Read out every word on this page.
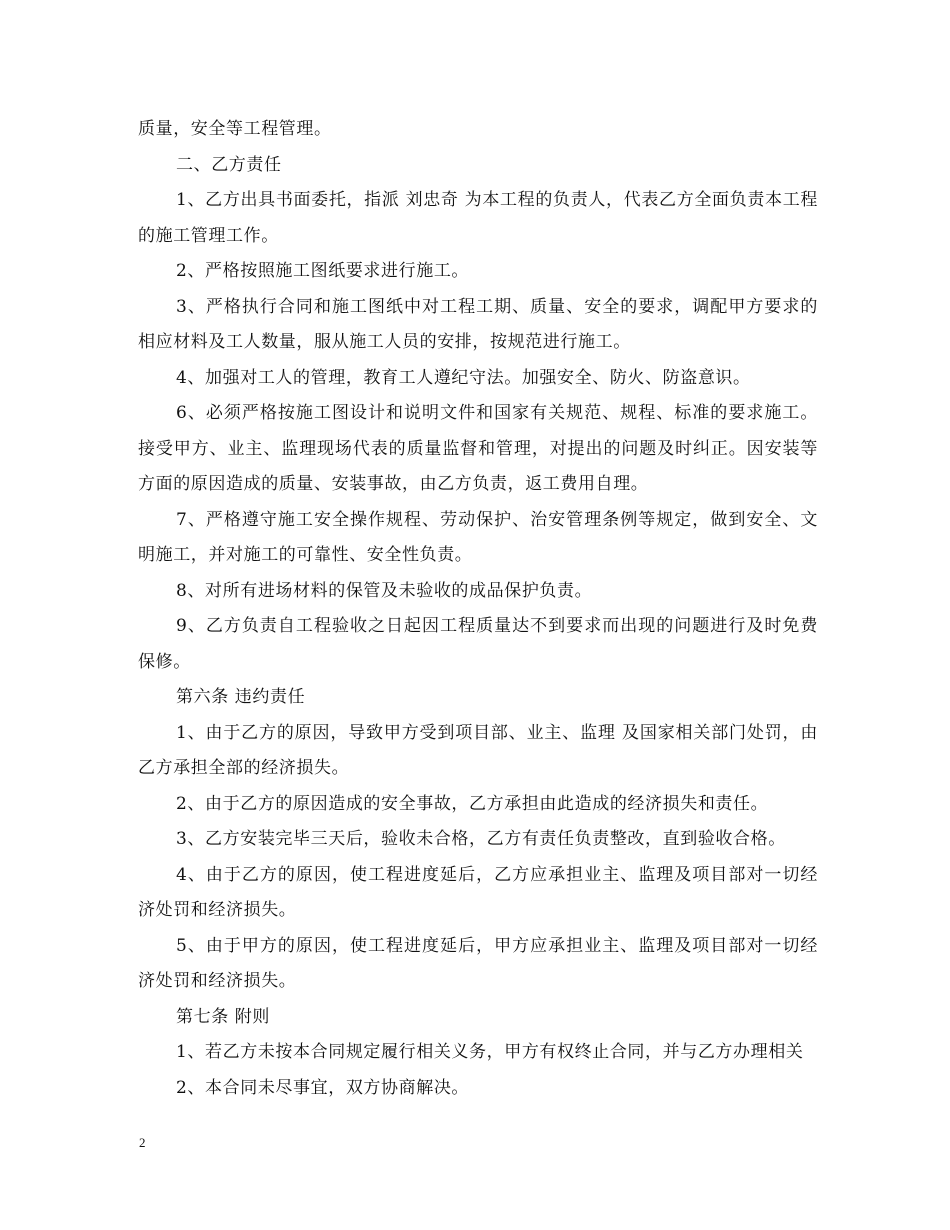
质量，安全等工程管理。

二、乙方责任

1、乙方出具书面委托，指派 刘忠奇 为本工程的负责人，代表乙方全面负责本工程的施工管理工作。

2、严格按照施工图纸要求进行施工。

3、严格执行合同和施工图纸中对工程工期、质量、安全的要求，调配甲方要求的相应材料及工人数量，服从施工人员的安排，按规范进行施工。

4、加强对工人的管理，教育工人遵纪守法。加强安全、防火、防盗意识。

6、必须严格按施工图设计和说明文件和国家有关规范、规程、标准的要求施工。接受甲方、业主、监理现场代表的质量监督和管理，对提出的问题及时纠正。因安装等方面的原因造成的质量、安装事故，由乙方负责，返工费用自理。

7、严格遵守施工安全操作规程、劳动保护、治安管理条例等规定，做到安全、文明施工，并对施工的可靠性、安全性负责。

8、对所有进场材料的保管及未验收的成品保护负责。

9、乙方负责自工程验收之日起因工程质量达不到要求而出现的问题进行及时免费保修。

第六条 违约责任

1、由于乙方的原因，导致甲方受到项目部、业主、监理 及国家相关部门处罚，由乙方承担全部的经济损失。

2、由于乙方的原因造成的安全事故，乙方承担由此造成的经济损失和责任。

3、乙方安装完毕三天后，验收未合格，乙方有责任负责整改，直到验收合格。

4、由于乙方的原因，使工程进度延后，乙方应承担业主、监理及项目部对一切经济处罚和经济损失。

5、由于甲方的原因，使工程进度延后，甲方应承担业主、监理及项目部对一切经济处罚和经济损失。

第七条 附则

1、若乙方未按本合同规定履行相关义务，甲方有权终止合同，并与乙方办理相关

2、本合同未尽事宜，双方协商解决。

2
